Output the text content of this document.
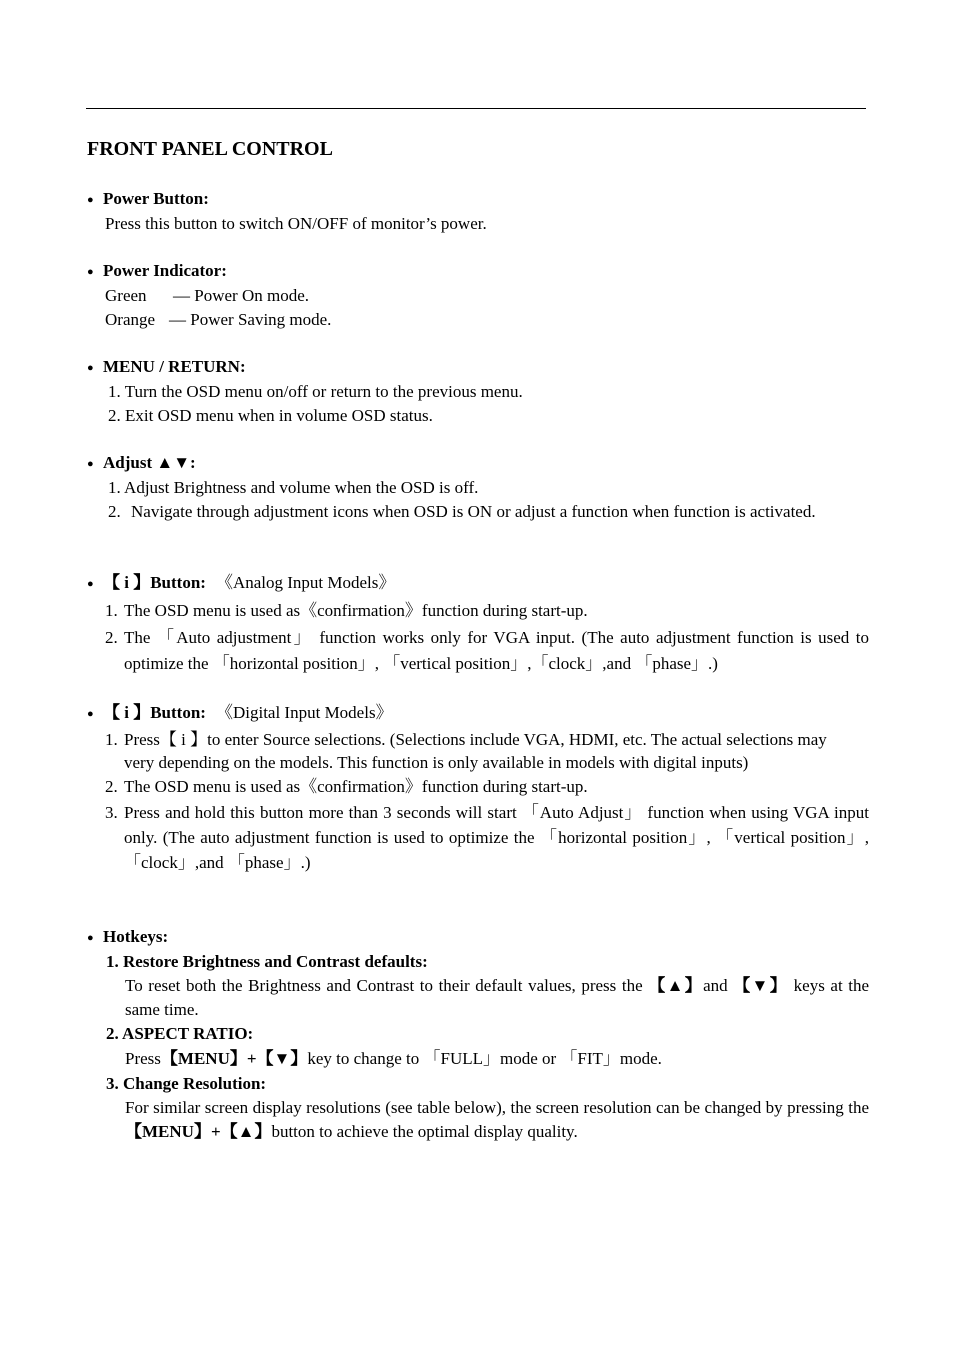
FRONT PANEL CONTROL
● Power Button:
Press this button to switch ON/OFF of monitor’s power.
● Power Indicator:
Green — Power On mode.
Orange — Power Saving mode.
● MENU / RETURN:
1. Turn the OSD menu on/off or return to the previous menu.
2. Exit OSD menu when in volume OSD status.
● Adjust ▲▼:
1. Adjust Brightness and volume when the OSD is off.
2. Navigate through adjustment icons when OSD is ON or adjust a function when function is activated.
● 【 i 】Button: 《Analog Input Models》
1. The OSD menu is used as《confirmation》function during start-up.
2. The 「Auto adjustment」 function works only for VGA input. (The auto adjustment function is used to optimize the 「horizontal position」, 「vertical position」,「clock」,and 「phase」.)
● 【 i 】Button: 《Digital Input Models》
1. Press【 i 】to enter Source selections. (Selections include VGA, HDMI, etc. The actual selections may very depending on the models. This function is only available in models with digital inputs)
2. The OSD menu is used as《confirmation》function during start-up.
3. Press and hold this button more than 3 seconds will start 「Auto Adjust」 function when using VGA input only. (The auto adjustment function is used to optimize the 「horizontal position」, 「vertical position」,「clock」,and 「phase」.)
● Hotkeys:
1. Restore Brightness and Contrast defaults:
To reset both the Brightness and Contrast to their default values, press the 【▲】and 【▼】 keys at the same time.
2. ASPECT RATIO:
Press【MENU】+【▼】key to change to 「FULL」mode or 「FIT」mode.
3. Change Resolution:
For similar screen display resolutions (see table below), the screen resolution can be changed by pressing the【MENU】+【▲】button to achieve the optimal display quality.
